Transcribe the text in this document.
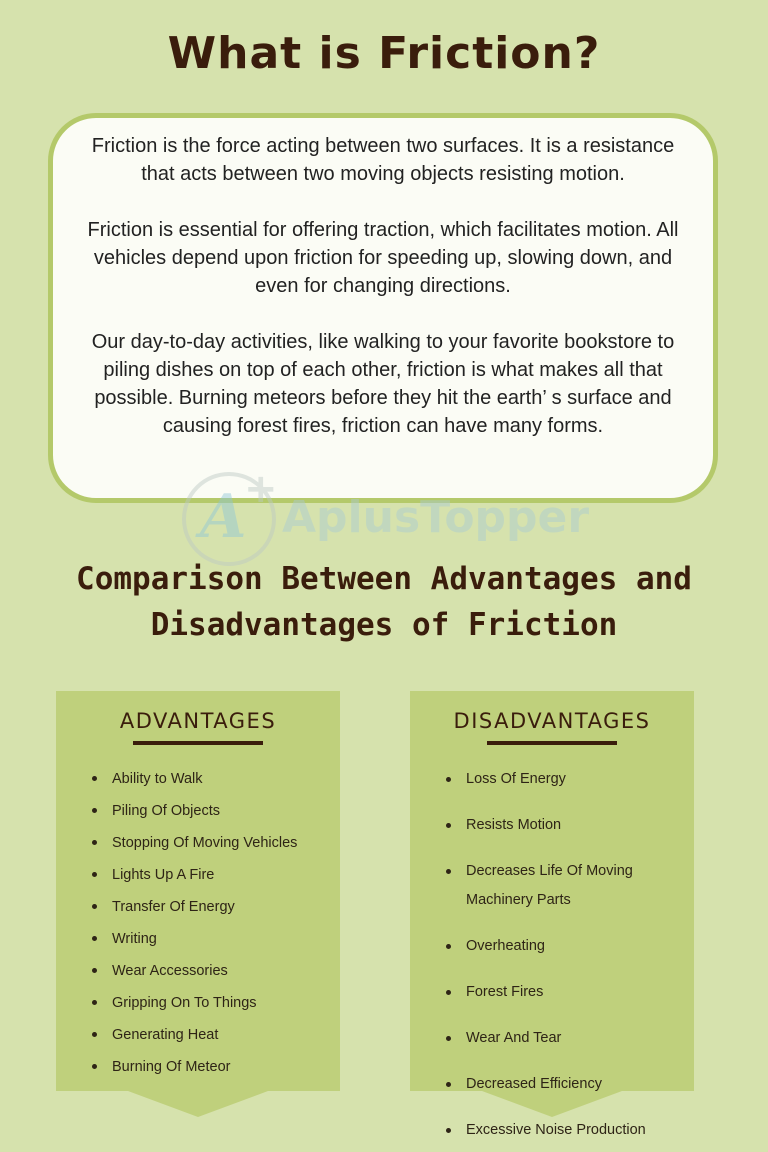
What is Friction?

Friction is the force acting between two surfaces. It is a resistance that acts between two moving objects resisting motion.

Friction is essential for offering traction, which facilitates motion. All vehicles depend upon friction for speeding up, slowing down, and even for changing directions.

Our day-to-day activities, like walking to your favorite bookstore to piling dishes on top of each other, friction is what makes all that possible. Burning meteors before they hit the earth’ s surface and causing forest fires, friction can have many forms.

A
+
AplusTopper
Comparison Between Advantages and
Disadvantages of Friction
ADVANTAGES
Ability to Walk
Piling Of Objects
Stopping Of Moving Vehicles
Lights Up A Fire
Transfer Of Energy
Writing
Wear Accessories
Gripping On To Things
Generating Heat
Burning Of Meteor
DISADVANTAGES
Loss Of Energy
Resists Motion
Decreases Life Of Moving Machinery Parts
Overheating
Forest Fires
Wear And Tear
Decreased Efficiency
Excessive Noise Production
